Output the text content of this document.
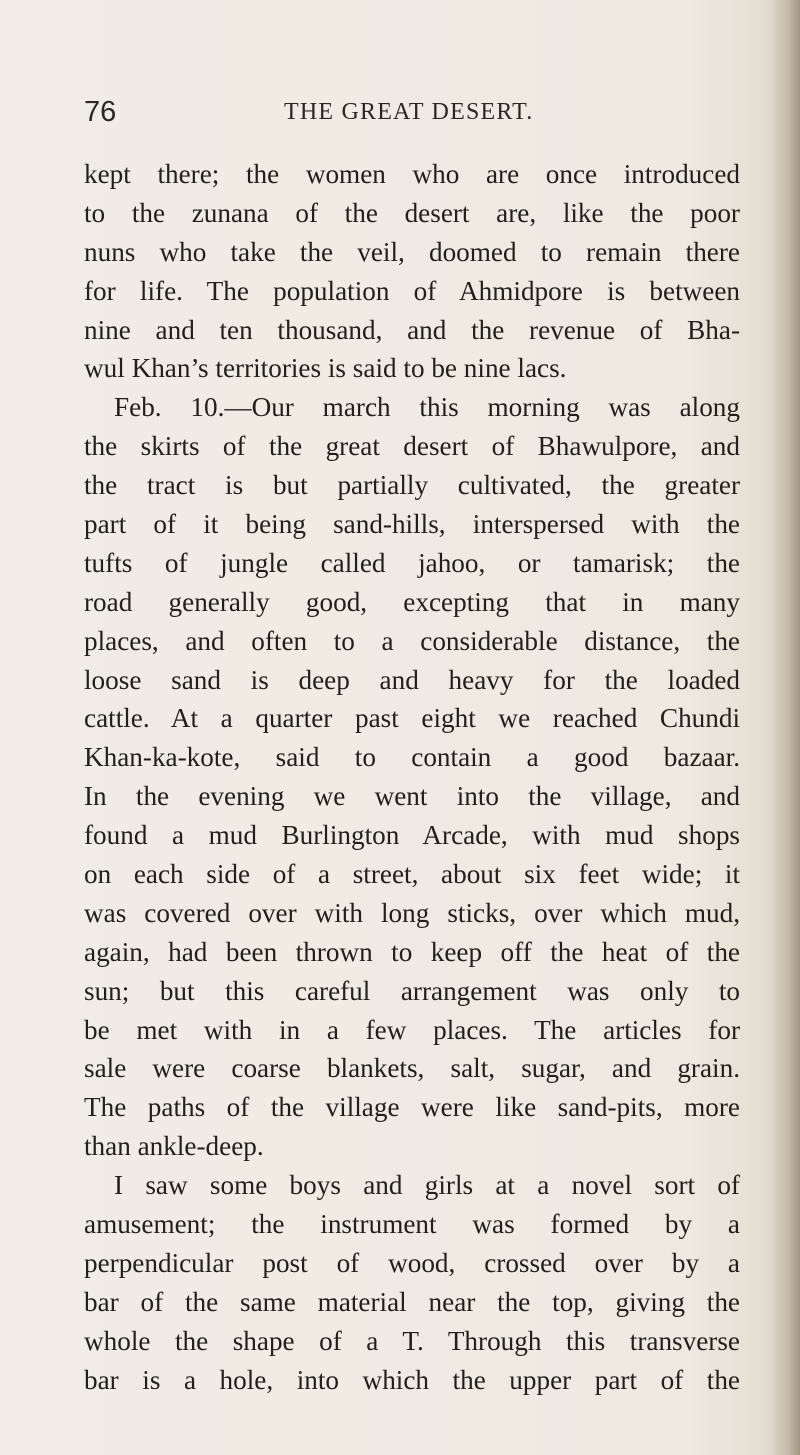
76	THE GREAT DESERT.
kept there; the women who are once introduced
to the zunana of the desert are, like the poor
nuns who take the veil, doomed to remain there
for life. The population of Ahmidpore is between
nine and ten thousand, and the revenue of Bha-
wul Khan’s territories is said to be nine lacs.
Feb. 10.—Our march this morning was along
the skirts of the great desert of Bhawulpore, and
the tract is but partially cultivated, the greater
part of it being sand-hills, interspersed with the
tufts of jungle called jahoo, or tamarisk; the
road generally good, excepting that in many
places, and often to a considerable distance, the
loose sand is deep and heavy for the loaded
cattle. At a quarter past eight we reached Chundi
Khan-ka-kote, said to contain a good bazaar.
In the evening we went into the village, and
found a mud Burlington Arcade, with mud shops
on each side of a street, about six feet wide; it
was covered over with long sticks, over which mud,
again, had been thrown to keep off the heat of the
sun; but this careful arrangement was only to
be met with in a few places. The articles for
sale were coarse blankets, salt, sugar, and grain.
The paths of the village were like sand-pits, more
than ankle-deep.
I saw some boys and girls at a novel sort of
amusement; the instrument was formed by a
perpendicular post of wood, crossed over by a
bar of the same material near the top, giving the
whole the shape of a T. Through this transverse
bar is a hole, into which the upper part of the
